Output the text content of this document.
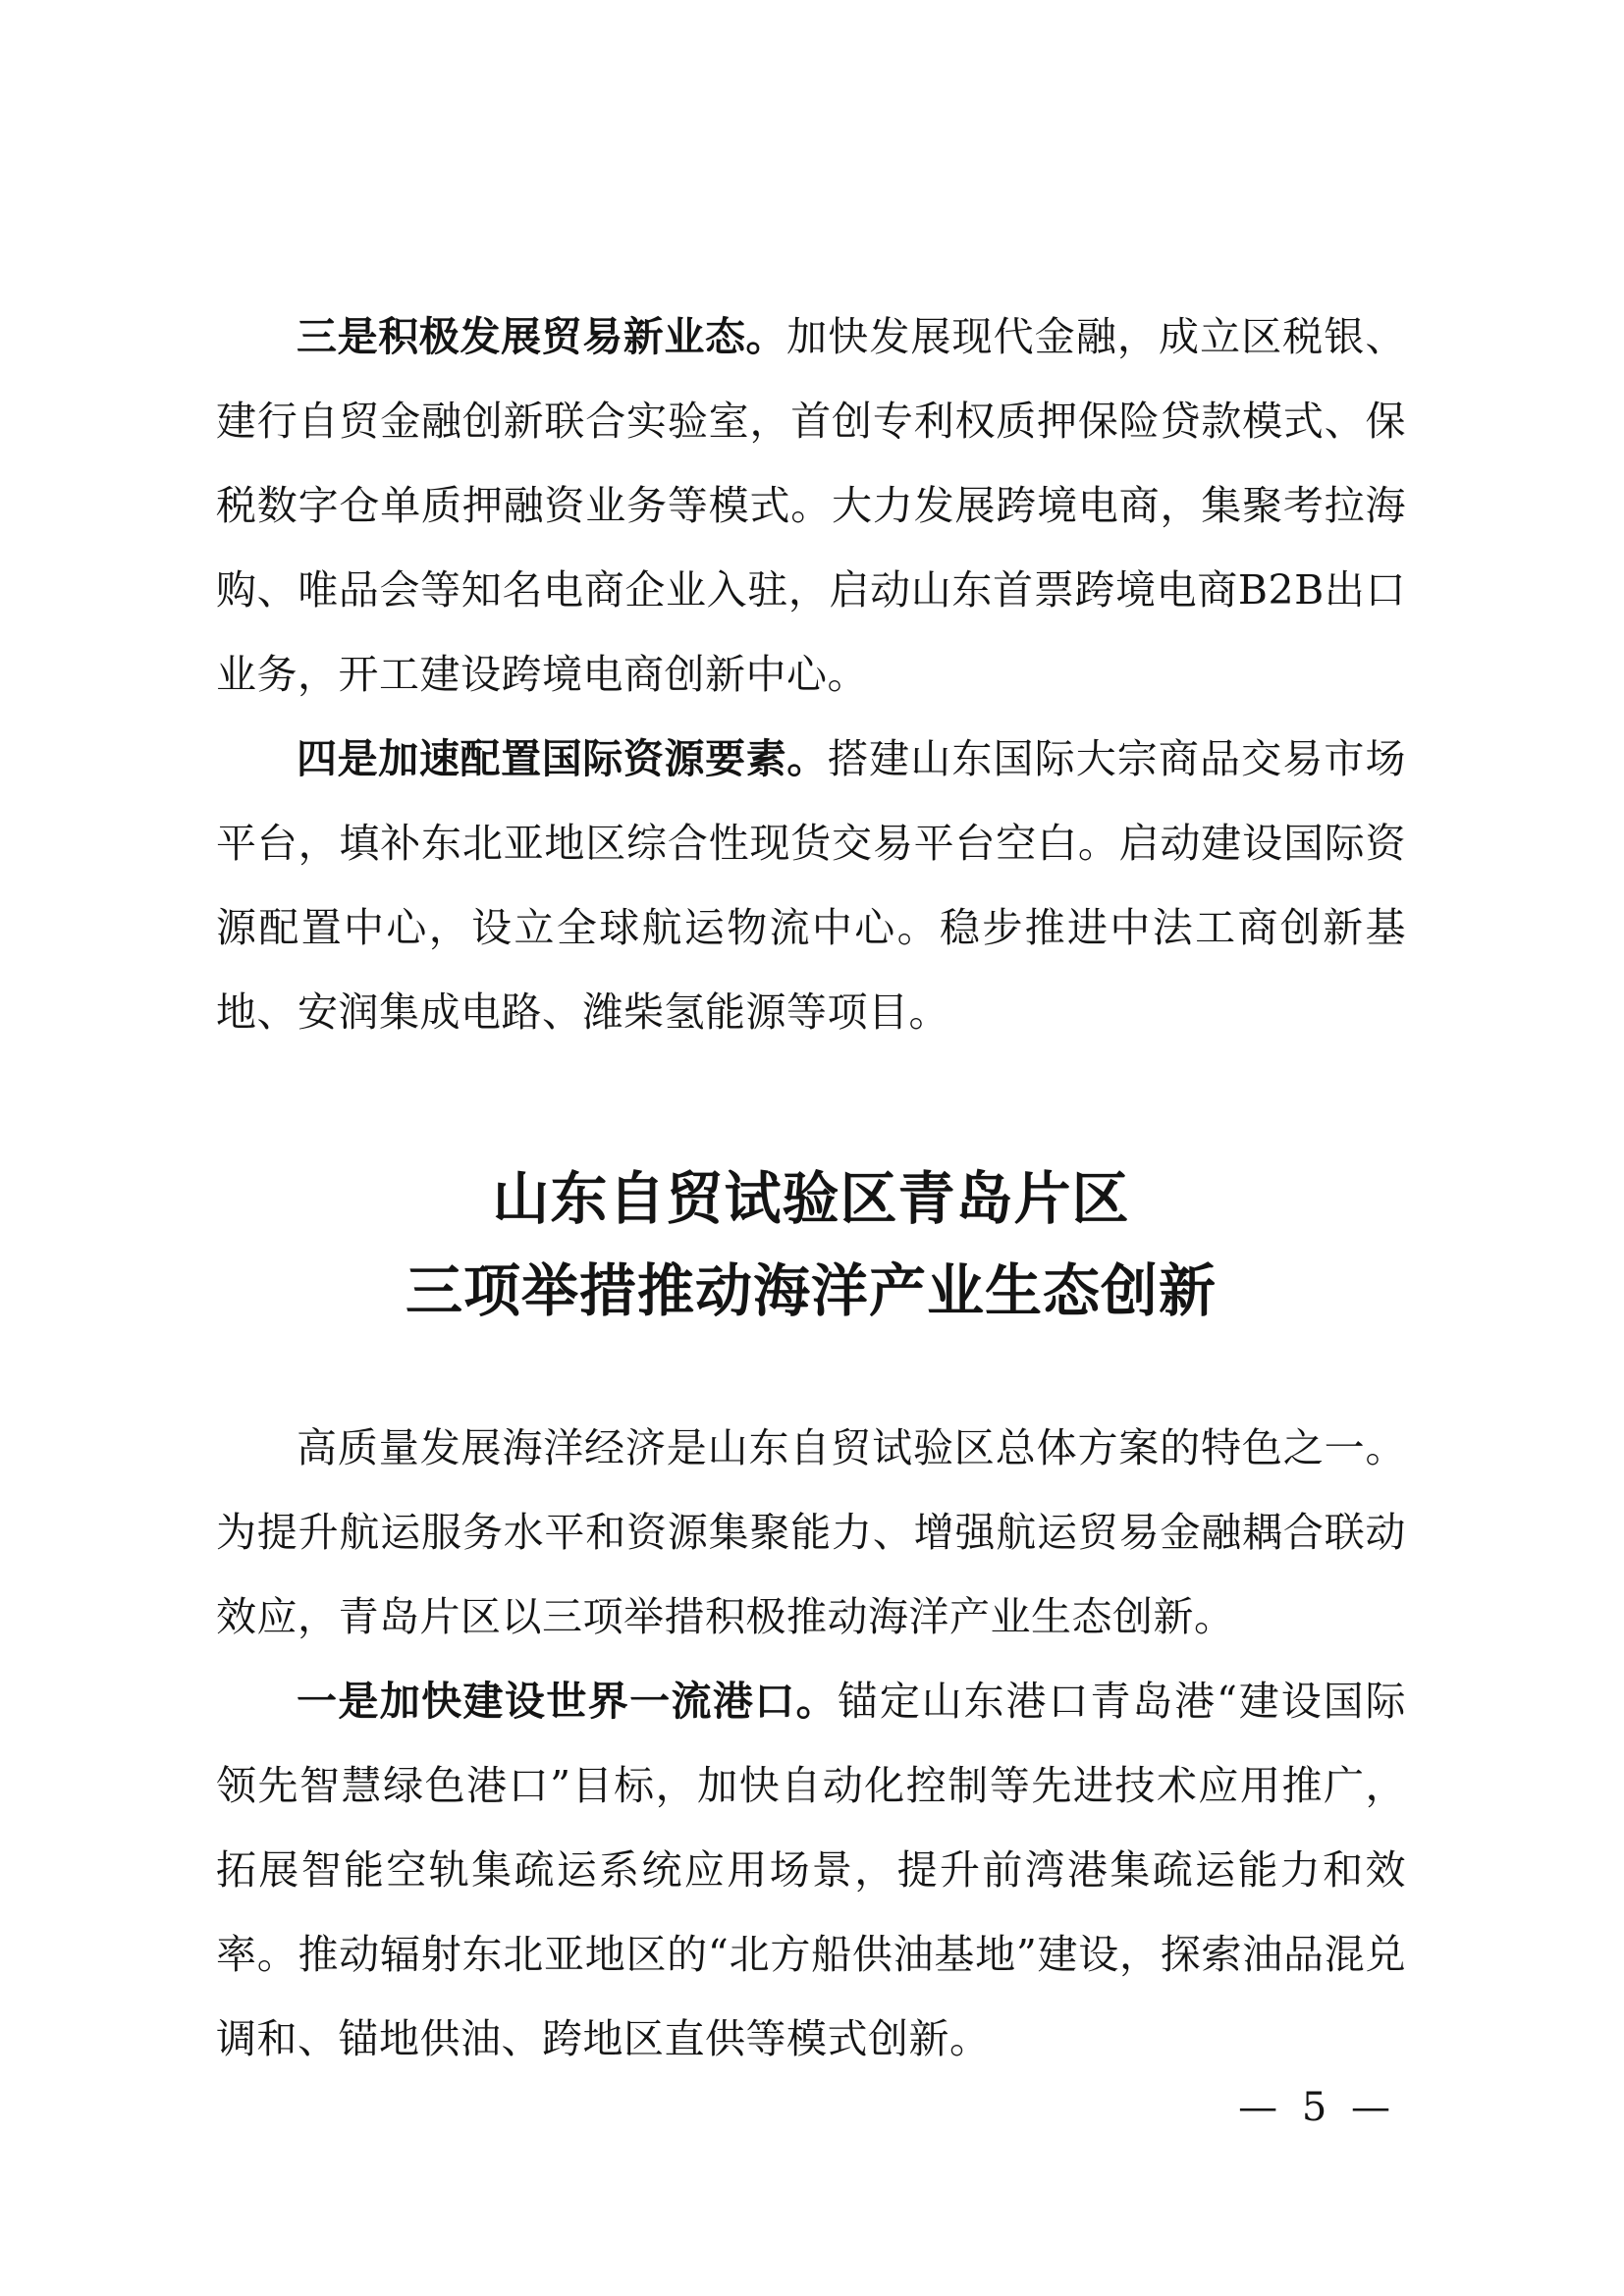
三是积极发展贸易新业态。加快发展现代金融，成立区税银、建行自贸金融创新联合实验室，首创专利权质押保险贷款模式、保税数字仓单质押融资业务等模式。大力发展跨境电商，集聚考拉海购、唯品会等知名电商企业入驻，启动山东首票跨境电商B2B出口业务，开工建设跨境电商创新中心。

四是加速配置国际资源要素。搭建山东国际大宗商品交易市场平台，填补东北亚地区综合性现货交易平台空白。启动建设国际资源配置中心，设立全球航运物流中心。稳步推进中法工商创新基地、安润集成电路、潍柴氢能源等项目。

山东自贸试验区青岛片区
三项举措推动海洋产业生态创新

高质量发展海洋经济是山东自贸试验区总体方案的特色之一。为提升航运服务水平和资源集聚能力、增强航运贸易金融耦合联动效应，青岛片区以三项举措积极推动海洋产业生态创新。

一是加快建设世界一流港口。锚定山东港口青岛港“建设国际领先智慧绿色港口”目标，加快自动化控制等先进技术应用推广，拓展智能空轨集疏运系统应用场景，提升前湾港集疏运能力和效率。推动辐射东北亚地区的“北方船供油基地”建设，探索油品混兑调和、锚地供油、跨地区直供等模式创新。

— 5 —
